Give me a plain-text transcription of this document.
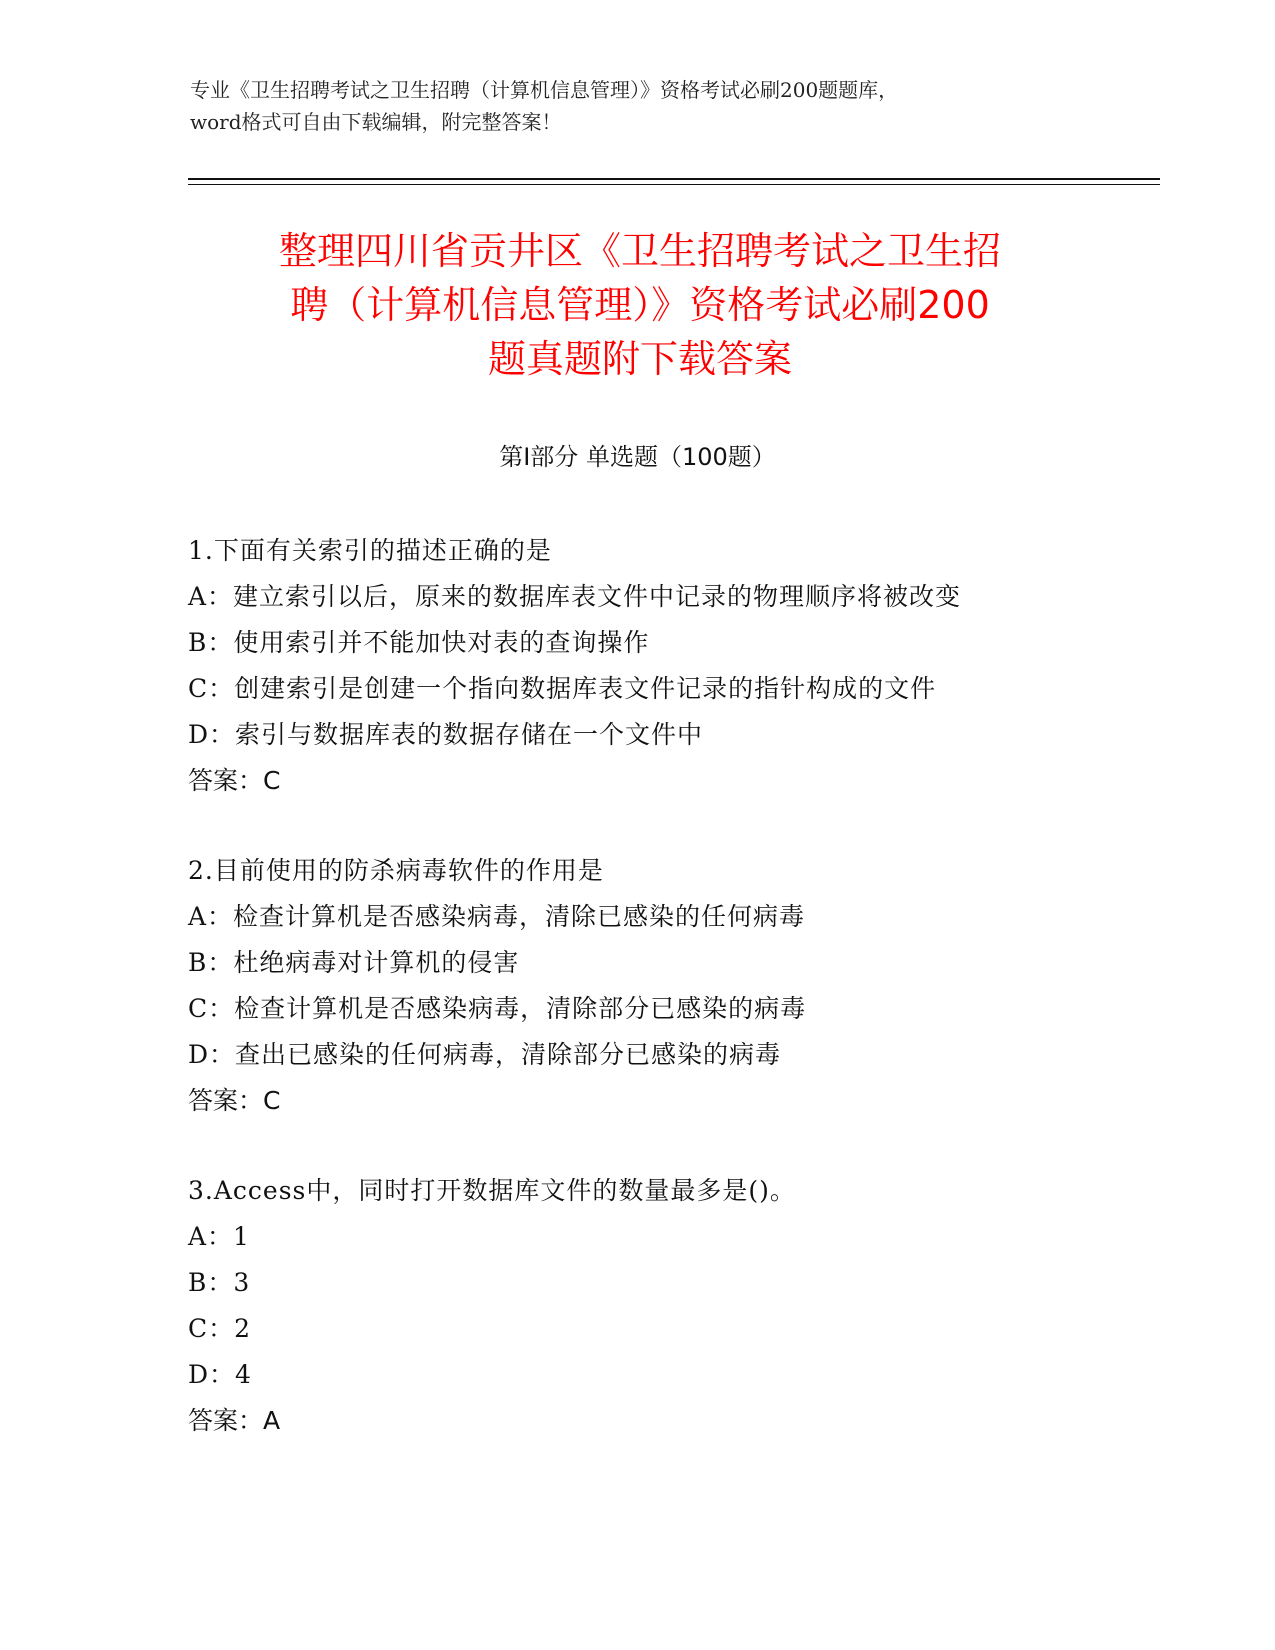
专业《卫生招聘考试之卫生招聘（计算机信息管理）》资格考试必刷200题题库，
word格式可自由下载编辑，附完整答案！
整理四川省贡井区《卫生招聘考试之卫生招
聘（计算机信息管理）》资格考试必刷200
题真题附下载答案
第Ⅰ部分 单选题（100题）
1.下面有关索引的描述正确的是
A：建立索引以后，原来的数据库表文件中记录的物理顺序将被改变
B：使用索引并不能加快对表的查询操作
C：创建索引是创建一个指向数据库表文件记录的指针构成的文件
D：索引与数据库表的数据存储在一个文件中
答案：C
2.目前使用的防杀病毒软件的作用是
A：检查计算机是否感染病毒，清除已感染的任何病毒
B：杜绝病毒对计算机的侵害
C：检查计算机是否感染病毒，清除部分已感染的病毒
D：查出已感染的任何病毒，清除部分已感染的病毒
答案：C
3.Access中，同时打开数据库文件的数量最多是()。
A：1
B：3
C：2
D：4
答案：A
